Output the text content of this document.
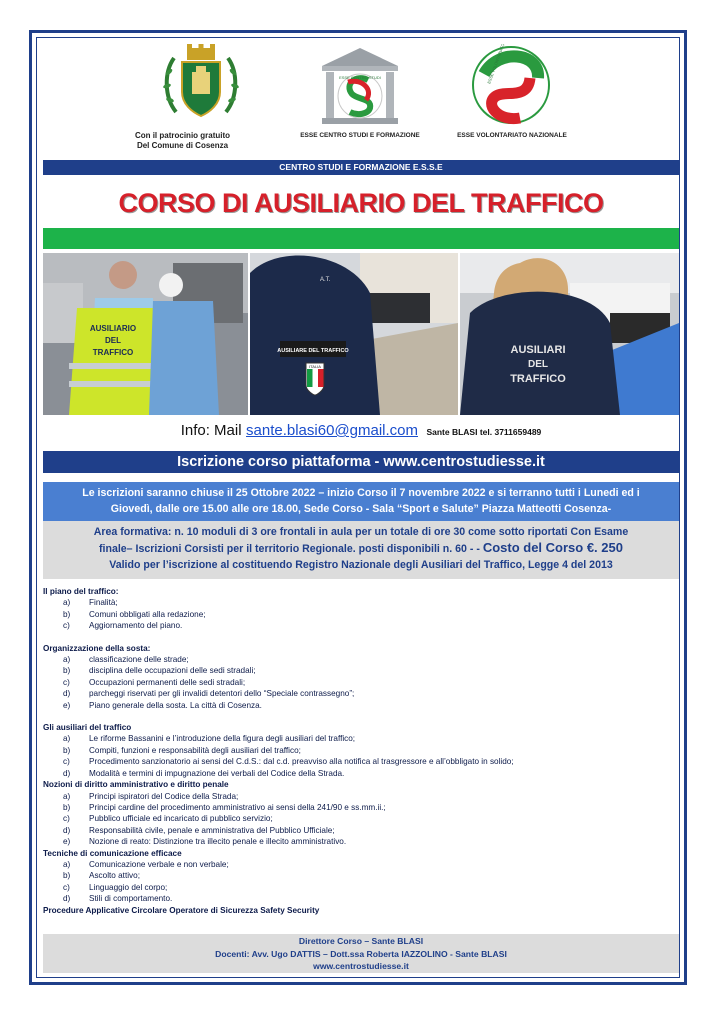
Con il patrocinio gratuito
Del Comune di Cosenza
ESSE CENTRO STUDI
ESSE CENTRO STUDI E FORMAZIONE	ESSE VOLONTARIATO NAZIONALE
CENTRO STUDI E FORMAZIONE E.S.S.E
CORSO DI AUSILIARIO DEL TRAFFICO
AUSILIARIO
DEL
TRAFFICO	AUSILIARE DEL TRAFFICO
ITALIA
A.T.
AUSILIARI
DEL
TRAFFICO
Info: Mail sante.blasi60@gmail.com Sante BLASI tel. 3711659489
Iscrizione corso piattaforma - www.centrostudiesse.it
Le iscrizioni saranno chiuse il 25 Ottobre 2022 – inizio Corso il 7 novembre 2022 e si terranno tutti i Lunedi ed i
Giovedì, dalle ore 15.00 alle ore 18.00, Sede Corso - Sala “Sport e Salute” Piazza Matteotti Cosenza-
Area formativa: n. 10 moduli di 3 ore frontali in aula per un totale di ore 30 come sotto riportati Con Esame
finale– Iscrizioni Corsisti per il territorio Regionale. posti disponibili n. 60 - - Costo del Corso €. 250
Valido per l’iscrizione al costituendo Registro Nazionale degli Ausiliari del Traffico, Legge 4 del 2013
Il piano del traffico:
a)	Finalità;
b)	Comuni obbligati alla redazione;
c)	Aggiornamento del piano.
Organizzazione della sosta:
a)	classificazione delle strade;
b)	disciplina delle occupazioni delle sedi stradali;
c)	Occupazioni permanenti delle sedi stradali;
d)	parcheggi riservati per gli invalidi detentori dello “Speciale contrassegno”;
e)	Piano generale della sosta. La città di Cosenza.
Gli ausiliari del traffico
a)	Le riforme Bassanini e l’introduzione della figura degli ausiliari del traffico;
b)	Compiti, funzioni e responsabilità degli ausiliari del traffico;
c)	Procedimento sanzionatorio ai sensi del C.d.S.: dal c.d. preavviso alla notifica al trasgressore e all’obbligato in solido;
d)	Modalità e termini di impugnazione dei verbali del Codice della Strada.
Nozioni di diritto amministrativo e diritto penale
a)	Principi ispiratori del Codice della Strada;
b)	Principi cardine del procedimento amministrativo ai sensi della 241/90 e ss.mm.ii.;
c)	Pubblico ufficiale ed incaricato di pubblico servizio;
d)	Responsabilità civile, penale e amministrativa del Pubblico Ufficiale;
e)	Nozione di reato: Distinzione tra illecito penale e illecito amministrativo.
Tecniche di comunicazione efficace
a)	Comunicazione verbale e non verbale;
b)	Ascolto attivo;
c)	Linguaggio del corpo;
d)	Stili di comportamento.
Procedure Applicative Circolare Operatore di Sicurezza Safety Security
Direttore Corso – Sante BLASI
Docenti: Avv. Ugo DATTIS – Dott.ssa Roberta IAZZOLINO - Sante BLASI
www.centrostudiesse.it
